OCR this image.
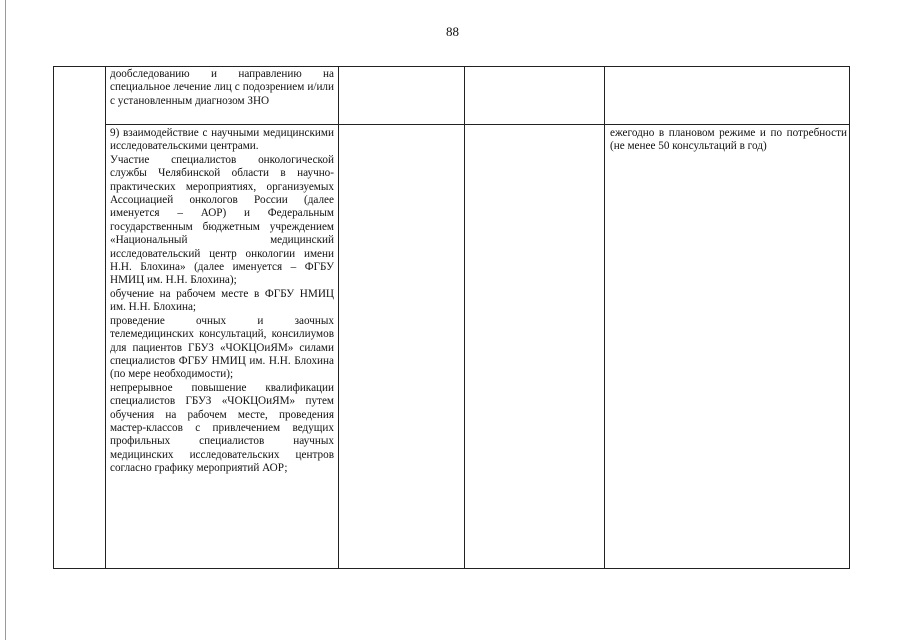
88

дообследованию и направлению на специальное лечение лиц с подозрением и/или с установленным диагнозом ЗНО

9) взаимодействие с научными медицинскими исследовательскими центрами.

Участие специалистов онкологической службы Челябинской области в научно-практических мероприятиях, организуемых Ассоциацией онкологов России (далее именуется – АОР) и Федеральным государственным бюджетным учреждением «Национальный медицинский исследовательский центр онкологии имени Н.Н. Блохина» (далее именуется – ФГБУ НМИЦ им. Н.Н. Блохина);

обучение на рабочем месте в ФГБУ НМИЦ им. Н.Н. Блохина;

проведение очных и заочных телемедицинских консультаций, консилиумов для пациентов ГБУЗ «ЧОКЦОиЯМ» силами специалистов ФГБУ НМИЦ им. Н.Н. Блохина (по мере необходимости);

непрерывное повышение квалификации специалистов ГБУЗ «ЧОКЦОиЯМ» путем обучения на рабочем месте, проведения мастер-классов с привлечением ведущих профильных специалистов научных медицинских исследовательских центров согласно графику мероприятий АОР;

ежегодно в плановом режиме и по потребности (не менее 50 консультаций в год)
